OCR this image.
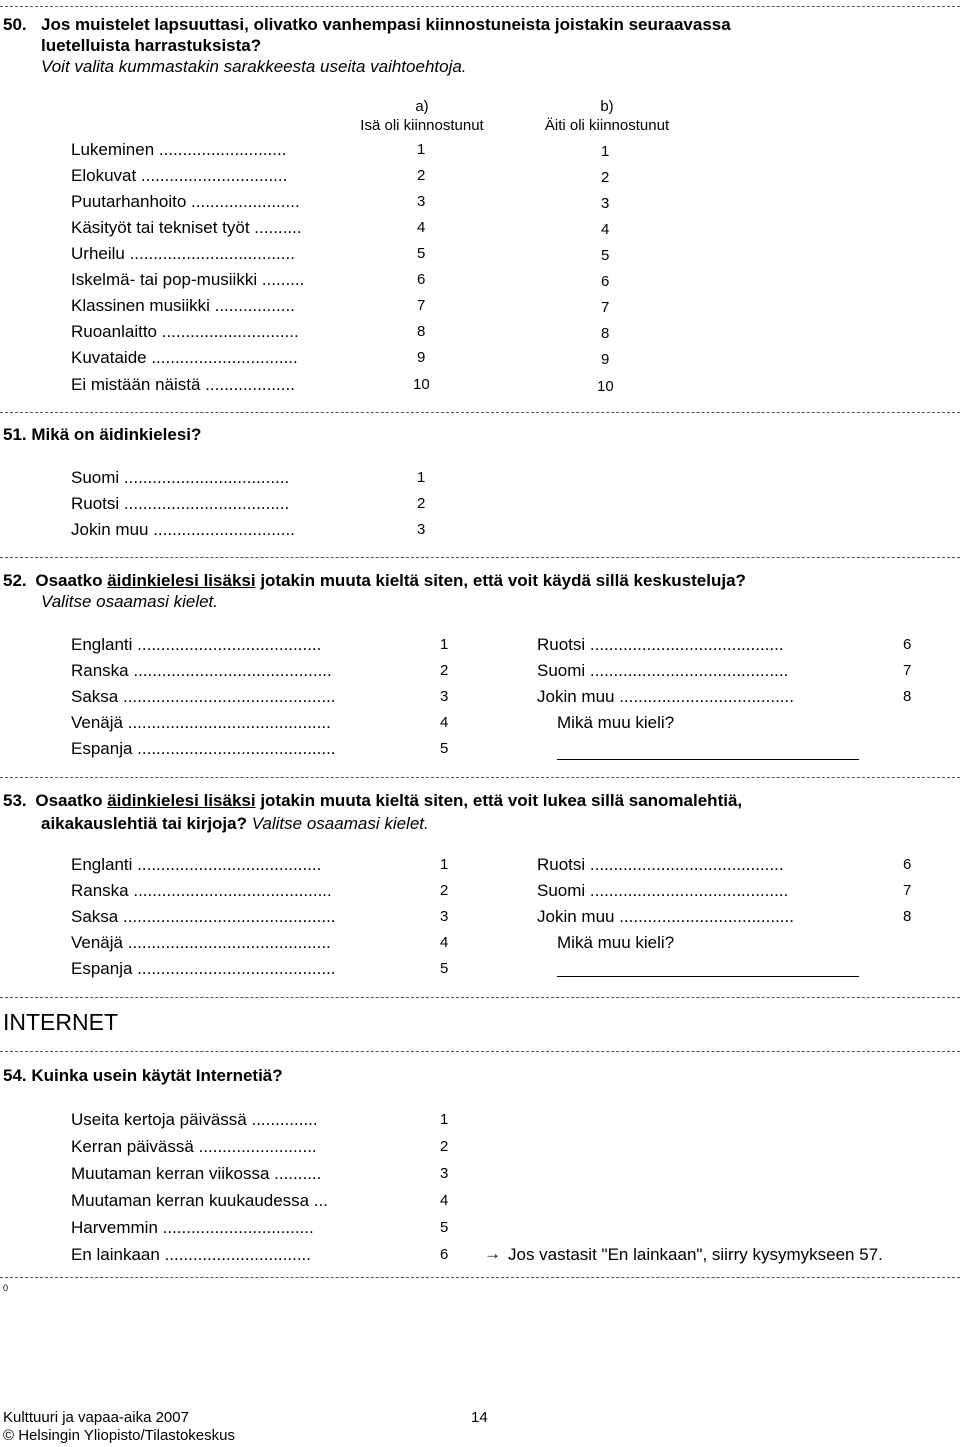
50. Jos muistelet lapsuuttasi, olivatko vanhempasi kiinnostuneista joistakin seuraavassa
luetelluista harrastuksista?
Voit valita kummastakin sarakkeesta useita vaihtoehtoja.
a)
Isä oli kiinnostunut
b)
Äiti oli kiinnostunut
Lukeminen ...........................	1	1
Elokuvat ...............................	2	2
Puutarhanhoito .......................	3	3
Käsityöt tai tekniset työt ..........	4	4
Urheilu ...................................	5	5
Iskelmä- tai pop-musiikki .........	6	6
Klassinen musiikki .................	7	7
Ruoanlaitto .............................	8	8
Kuvataide ...............................	9	9
Ei mistään näistä ...................	10	10
51. Mikä on äidinkielesi?
Suomi ...................................	1
Ruotsi ...................................	2
Jokin muu ..............................	3
52. Osaatko äidinkielesi lisäksi jotakin muuta kieltä siten, että voit käydä sillä keskusteluja?
Valitse osaamasi kielet.
Englanti .......................................	1
Ranska ..........................................	2
Saksa .............................................	3
Venäjä ...........................................	4
Espanja ..........................................	5
Ruotsi .........................................	6
Suomi ..........................................	7
Jokin muu .....................................	8
Mikä muu kieli?
53. Osaatko äidinkielesi lisäksi jotakin muuta kieltä siten, että voit lukea sillä sanomalehtiä,
aikakauslehtiä tai kirjoja? Valitse osaamasi kielet.
Englanti .......................................	1
Ranska ..........................................	2
Saksa .............................................	3
Venäjä ...........................................	4
Espanja ..........................................	5
Ruotsi .........................................	6
Suomi ..........................................	7
Jokin muu .....................................	8
Mikä muu kieli?
INTERNET
54. Kuinka usein käytät Internetiä?
Useita kertoja päivässä ..............	1
Kerran päivässä .........................	2
Muutaman kerran viikossa ..........	3
Muutaman kerran kuukaudessa ...	4
Harvemmin ................................	5
En lainkaan ...............................	6 → Jos vastasit "En lainkaan", siirry kysymykseen 57.
0
Kulttuuri ja vapaa-aika 2007	14
© Helsingin Yliopisto/Tilastokeskus
